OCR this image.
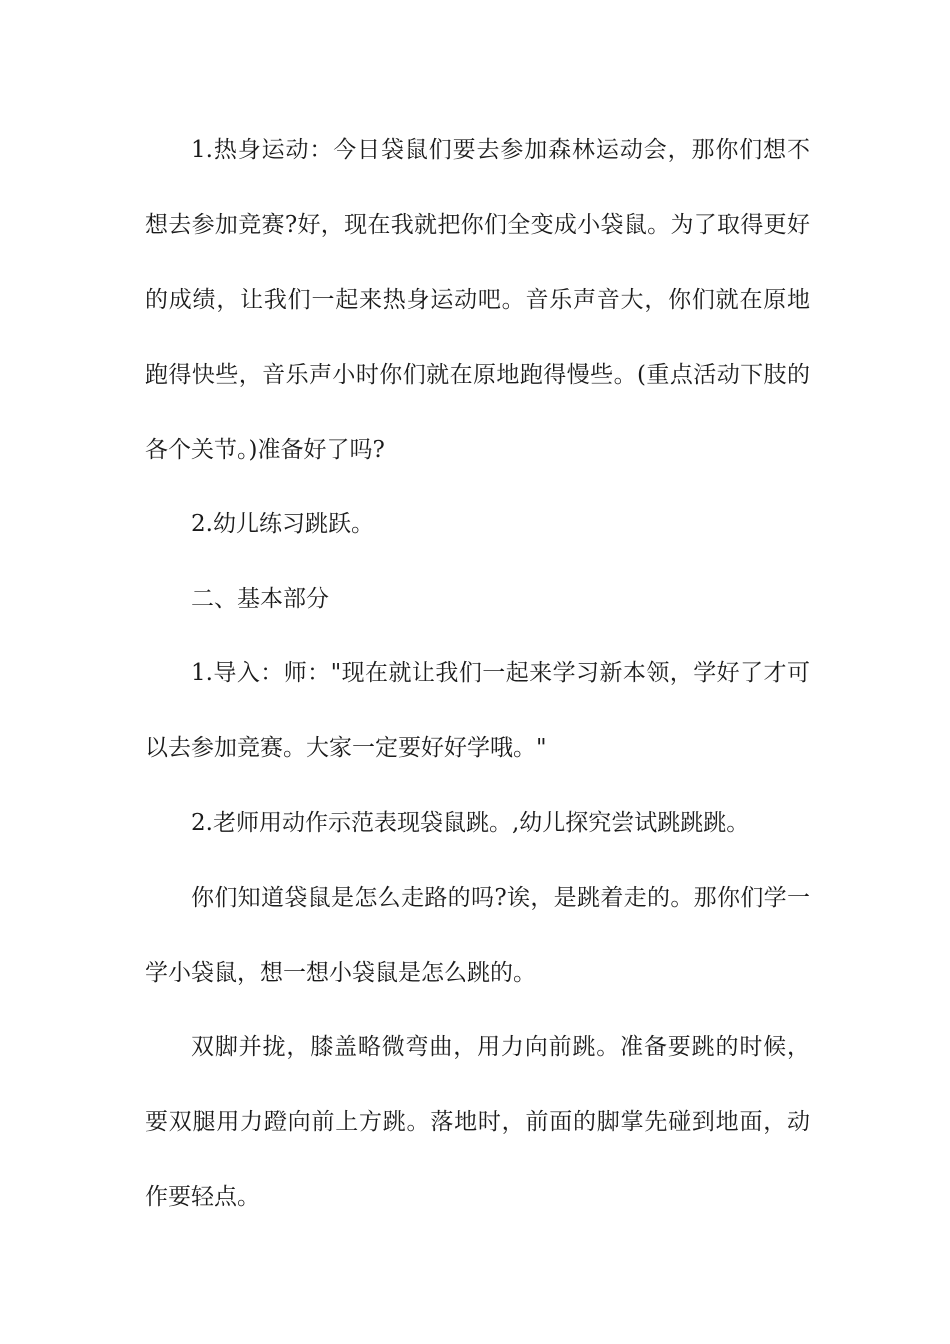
1.热身运动：今日袋鼠们要去参加森林运动会，那你们想不想去参加竞赛?好，现在我就把你们全变成小袋鼠。为了取得更好的成绩，让我们一起来热身运动吧。音乐声音大，你们就在原地跑得快些，音乐声小时你们就在原地跑得慢些。(重点活动下肢的各个关节。)准备好了吗?

2.幼儿练习跳跃。

二、基本部分

1.导入：师："现在就让我们一起来学习新本领，学好了才可以去参加竞赛。大家一定要好好学哦。"

2.老师用动作示范表现袋鼠跳。,幼儿探究尝试跳跳跳。

你们知道袋鼠是怎么走路的吗?诶，是跳着走的。那你们学一学小袋鼠，想一想小袋鼠是怎么跳的。

双脚并拢，膝盖略微弯曲，用力向前跳。准备要跳的时候，要双腿用力蹬向前上方跳。落地时，前面的脚掌先碰到地面，动作要轻点。
